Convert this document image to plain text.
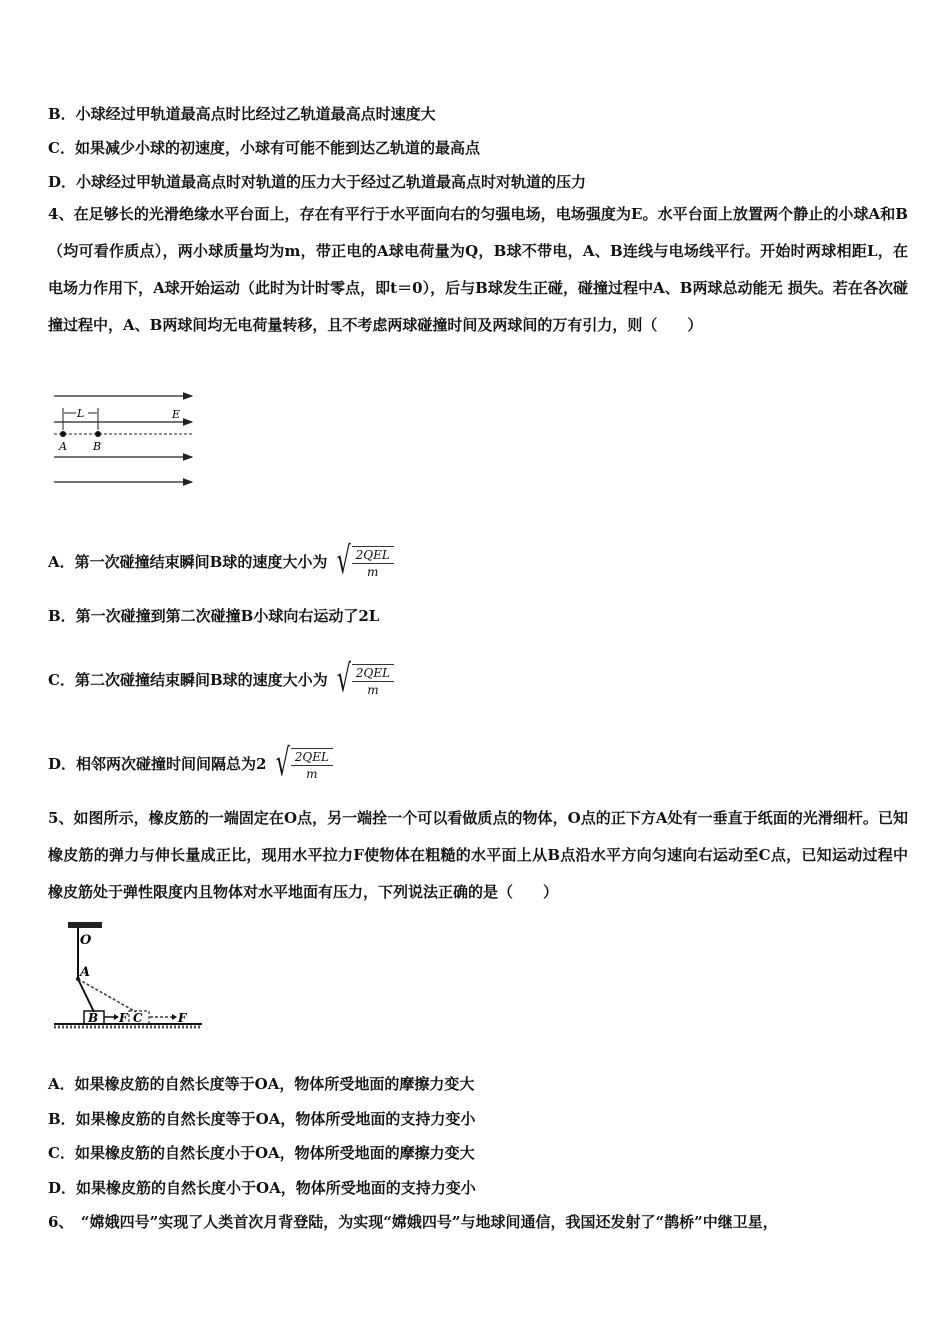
B．小球经过甲轨道最高点时比经过乙轨道最高点时速度大
C．如果减少小球的初速度，小球有可能不能到达乙轨道的最高点
D．小球经过甲轨道最高点时对轨道的压力大于经过乙轨道最高点时对轨道的压力
4、在足够长的光滑绝缘水平台面上，存在有平行于水平面向右的匀强电场，电场强度为E。水平台面上放置两个静止的小球A和B（均可看作质点），两小球质量均为m，带正电的A球电荷量为Q，B球不带电，A、B连线与电场线平行。开始时两球相距L，在电场力作用下，A球开始运动（此时为计时零点，即t＝0），后与B球发生正碰，碰撞过程中A、B两球总动能无 损失。若在各次碰撞过程中，A、B两球间均无电荷量转移，且不考虑两球碰撞时间及两球间的万有引力，则（　　）
L	E
A B
A．第一次碰撞结束瞬间B球的速度大小为 √ $\frac{\text{2QEL}}{m}$
B．第一次碰撞到第二次碰撞B小球向右运动了2L
C．第二次碰撞结束瞬间B球的速度大小为 √ $\frac{\text{2QEL}}{m}$
D．相邻两次碰撞时间间隔总为2 √ $\frac{\text{2QEL}}{m}$
5、如图所示，橡皮筋的一端固定在O点，另一端拴一个可以看做质点的物体，O点的正下方A处有一垂直于纸面的光滑细杆。已知橡皮筋的弹力与伸长量成正比，现用水平拉力F使物体在粗糙的水平面上从B点沿水平方向匀速向右运动至C点，已知运动过程中橡皮筋处于弹性限度内且物体对水平地面有压力，下列说法正确的是（　　）
O
A
B F C	F
A．如果橡皮筋的自然长度等于OA，物体所受地面的摩擦力变大
B．如果橡皮筋的自然长度等于OA，物体所受地面的支持力变小
C．如果橡皮筋的自然长度小于OA，物体所受地面的摩擦力变大
D．如果橡皮筋的自然长度小于OA，物体所受地面的支持力变小
6、　“嫦娥四号”实现了人类首次月背登陆，为实现“嫦娥四号”与地球间通信，我国还发射了“鹊桥”中继卫星，
